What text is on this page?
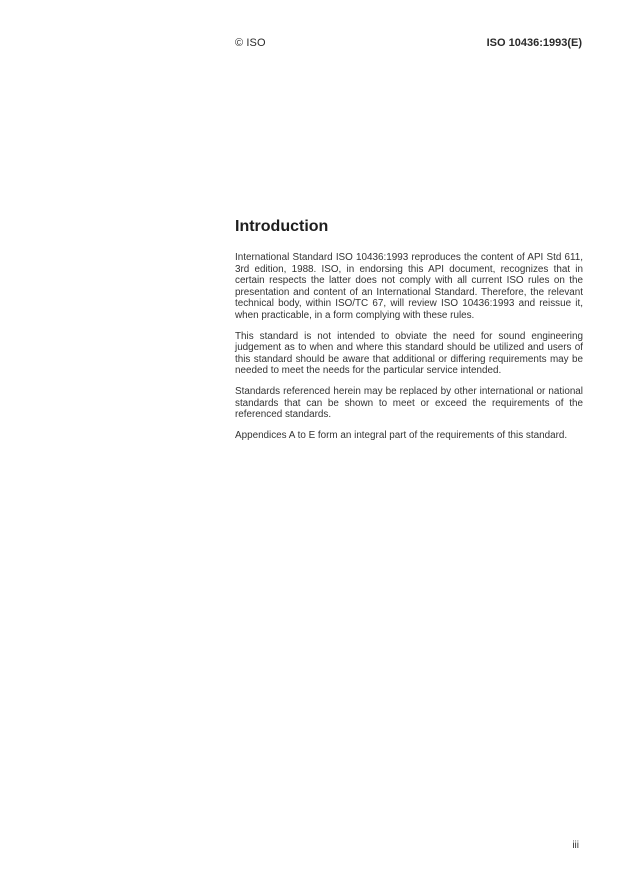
© ISO	ISO 10436:1993(E)
Introduction

International Standard ISO 10436:1993 reproduces the content of API Std 611, 3rd edition, 1988. ISO, in endorsing this API document, recognizes that in certain respects the latter does not comply with all current ISO rules on the presentation and content of an International Standard. Therefore, the relevant technical body, within ISO/TC 67, will review ISO 10436:1993 and reissue it, when practicable, in a form complying with these rules.

This standard is not intended to obviate the need for sound engineering judgement as to when and where this standard should be utilized and users of this standard should be aware that additional or differing requirements may be needed to meet the needs for the particular service intended.

Standards referenced herein may be replaced by other international or national standards that can be shown to meet or exceed the requirements of the referenced standards.

Appendices A to E form an integral part of the requirements of this standard.

iii
